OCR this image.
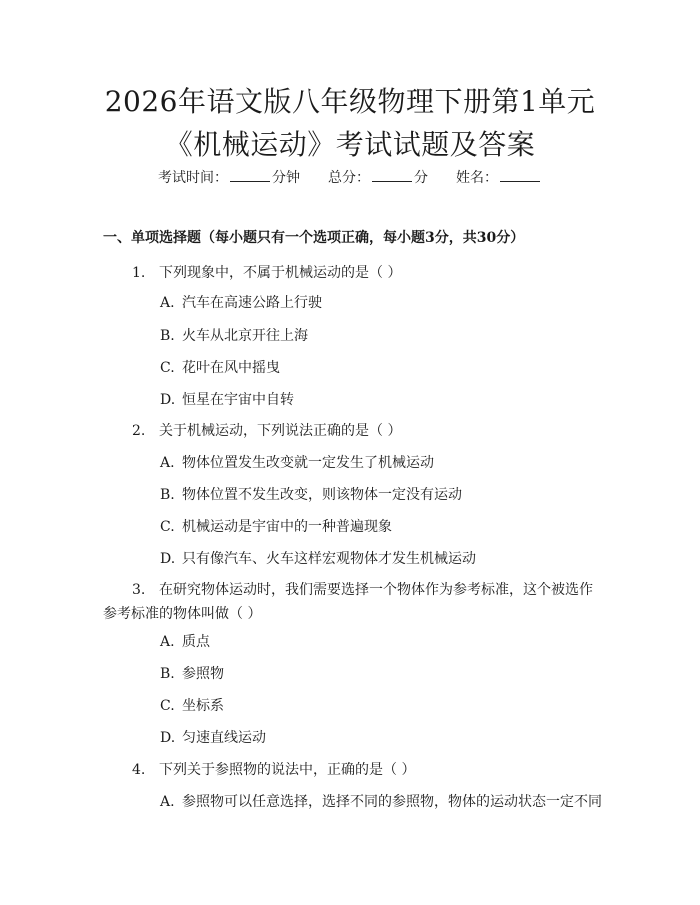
2026年语文版八年级物理下册第1单元《机械运动》考试试题及答案
考试时间：	分钟 总分：	分 姓名：
一、单项选择题（每小题只有一个选项正确，每小题3分，共30分）
1. 下列现象中，不属于机械运动的是（ ）
A. 汽车在高速公路上行驶
B. 火车从北京开往上海
C. 花叶在风中摇曳
D. 恒星在宇宙中自转
2. 关于机械运动，下列说法正确的是（ ）
A. 物体位置发生改变就一定发生了机械运动
B. 物体位置不发生改变，则该物体一定没有运动
C. 机械运动是宇宙中的一种普遍现象
D. 只有像汽车、火车这样宏观物体才发生机械运动
3. 在研究物体运动时，我们需要选择一个物体作为参考标准，这个被选作参考标准的物体叫做（ ）
A. 质点
B. 参照物
C. 坐标系
D. 匀速直线运动
4. 下列关于参照物的说法中，正确的是（ ）
A. 参照物可以任意选择，选择不同的参照物，物体的运动状态一定不同
